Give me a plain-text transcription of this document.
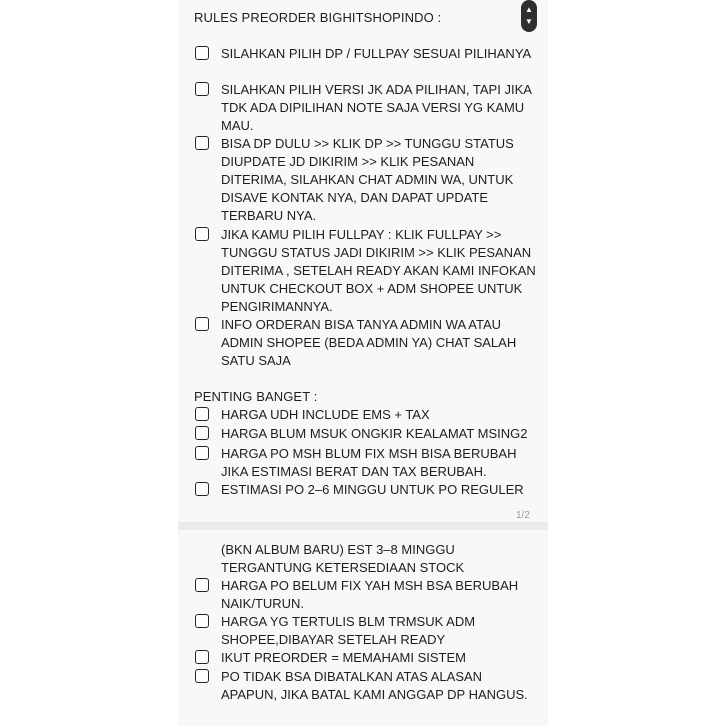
▲
▼

RULES PREORDER BIGHITSHOPINDO :

SILAHKAN PILIH DP / FULLPAY SESUAI PILIHANYA

SILAHKAN PILIH VERSI JK ADA PILIHAN, TAPI JIKA TDK ADA DIPILIHAN NOTE SAJA VERSI YG KAMU MAU.

BISA DP DULU >> KLIK DP >> TUNGGU STATUS DIUPDATE JD DIKIRIM >> KLIK PESANAN DITERIMA, SILAHKAN CHAT ADMIN WA, UNTUK DISAVE KONTAK NYA, DAN DAPAT UPDATE TERBARU NYA.

JIKA KAMU PILIH FULLPAY : KLIK FULLPAY >> TUNGGU STATUS JADI DIKIRIM >> KLIK PESANAN DITERIMA , SETELAH READY AKAN KAMI INFOKAN UNTUK CHECKOUT BOX + ADM SHOPEE UNTUK PENGIRIMANNYA.

INFO ORDERAN BISA TANYA ADMIN WA ATAU ADMIN SHOPEE (BEDA ADMIN YA) CHAT SALAH SATU SAJA

PENTING BANGET :

HARGA UDH INCLUDE EMS + TAX

HARGA BLUM MSUK ONGKIR KEALAMAT MSING2

HARGA PO MSH BLUM FIX MSH BISA BERUBAH JIKA ESTIMASI BERAT DAN TAX BERUBAH.

ESTIMASI PO 2–6 MINGGU UNTUK PO REGULER

1/2

(BKN ALBUM BARU) EST 3–8 MINGGU TERGANTUNG KETERSEDIAAN STOCK

HARGA PO BELUM FIX YAH MSH BSA BERUBAH NAIK/TURUN.

HARGA YG TERTULIS BLM TRMSUK ADM SHOPEE,DIBAYAR SETELAH READY

IKUT PREORDER = MEMAHAMI SISTEM

PO TIDAK BSA DIBATALKAN ATAS ALASAN APAPUN, JIKA BATAL KAMI ANGGAP DP HANGUS.
